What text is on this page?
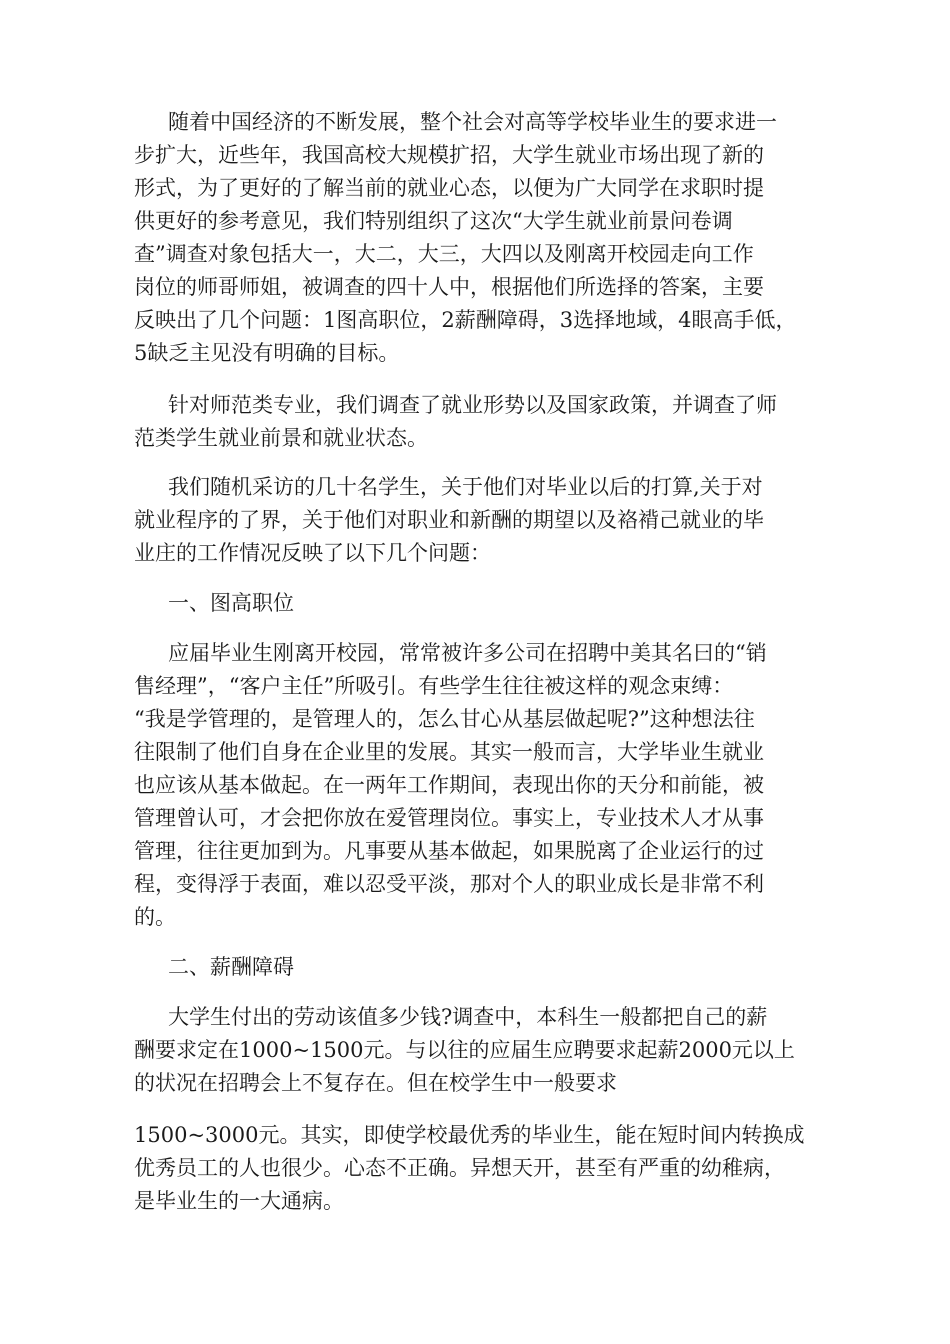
随着中国经济的不断发展，整个社会对高等学校毕业生的要求进一
步扩大，近些年，我国高校大规模扩招，大学生就业市场出现了新的
形式，为了更好的了解当前的就业心态，以便为广大同学在求职时提
供更好的参考意见，我们特别组织了这次“大学生就业前景问卷调
查”调查对象包括大一，大二，大三，大四以及刚离开校园走向工作
岗位的师哥师姐，被调查的四十人中，根据他们所选择的答案，主要
反映出了几个问题：1图高职位，2薪酬障碍，3选择地域，4眼高手低，
5缺乏主见没有明确的目标。
针对师范类专业，我们调查了就业形势以及国家政策，并调查了师
范类学生就业前景和就业状态。
我们随机采访的几十名学生，关于他们对毕业以后的打算,关于对
就业程序的了界，关于他们对职业和新酬的期望以及袼褙己就业的毕
业庄的工作情况反映了以下几个问题：
一、图高职位
应届毕业生刚离开校园，常常被许多公司在招聘中美其名曰的“销
售经理”，“客户主任”所吸引。有些学生往往被这样的观念束缚：
“我是学管理的，是管理人的，怎么甘心从基层做起呢?”这种想法往
往限制了他们自身在企业里的发展。其实一般而言，大学毕业生就业
也应该从基本做起。在一两年工作期间，表现出你的天分和前能，被
管理曾认可，才会把你放在爱管理岗位。事实上，专业技术人才从事
管理，往往更加到为。凡事要从基本做起，如果脱离了企业运行的过
程，变得浮于表面，难以忍受平淡，那对个人的职业成长是非常不利
的。
二、薪酬障碍
大学生付出的劳动该值多少钱?调查中，本科生一般都把自己的薪
酬要求定在1000~1500元。与以往的应届生应聘要求起薪2000元以上
的状况在招聘会上不复存在。但在校学生中一般要求
1500~3000元。其实，即使学校最优秀的毕业生，能在短时间内转换成
优秀员工的人也很少。心态不正确。异想天开，甚至有严重的幼稚病，
是毕业生的一大通病。
